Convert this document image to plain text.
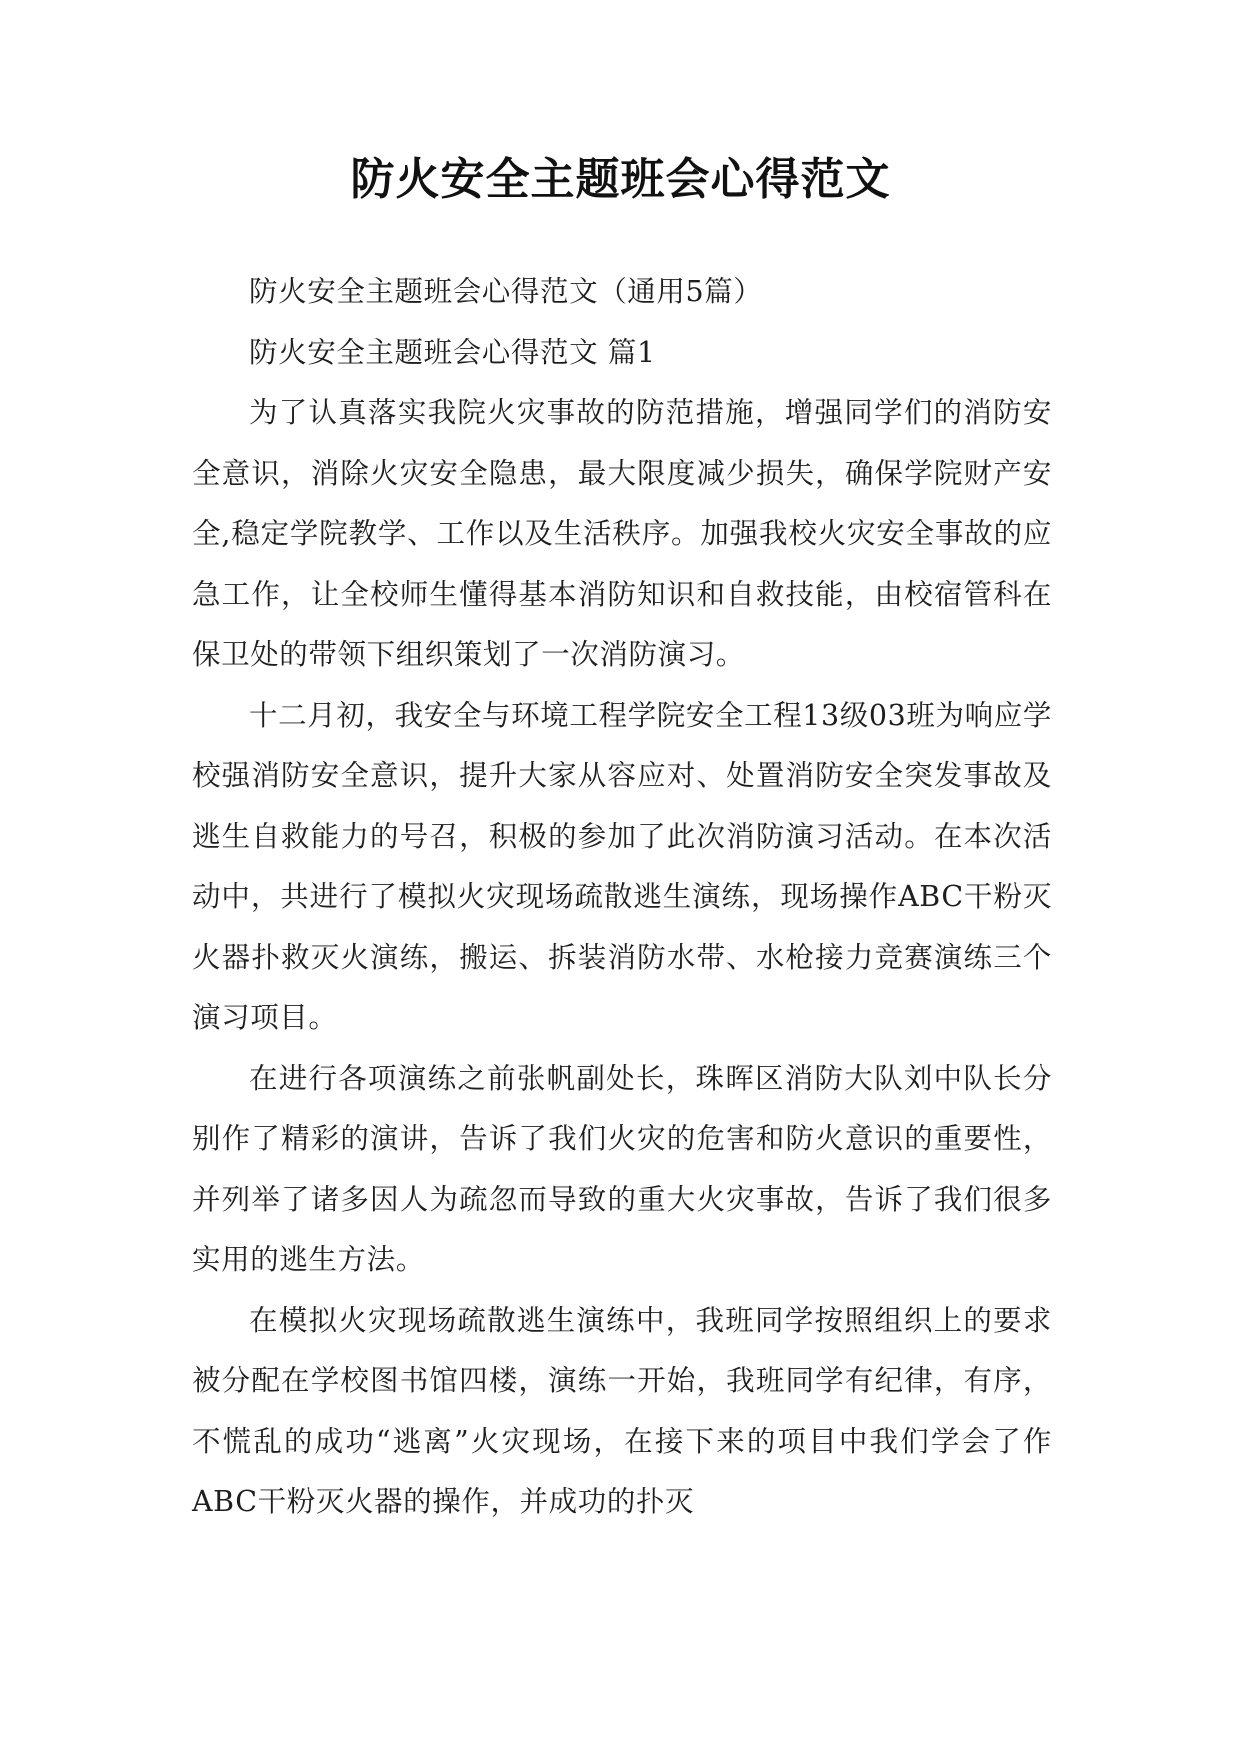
防火安全主题班会心得范文

防火安全主题班会心得范文（通用5篇）

防火安全主题班会心得范文 篇1

为了认真落实我院火灾事故的防范措施，增强同学们的消防安全意识，消除火灾安全隐患，最大限度减少损失，确保学院财产安全,稳定学院教学、工作以及生活秩序。加强我校火灾安全事故的应急工作，让全校师生懂得基本消防知识和自救技能，由校宿管科在保卫处的带领下组织策划了一次消防演习。

十二月初，我安全与环境工程学院安全工程13级03班为响应学校强消防安全意识，提升大家从容应对、处置消防安全突发事故及逃生自救能力的号召，积极的参加了此次消防演习活动。在本次活动中，共进行了模拟火灾现场疏散逃生演练，现场操作ABC干粉灭火器扑救灭火演练，搬运、拆装消防水带、水枪接力竞赛演练三个演习项目。

在进行各项演练之前张帆副处长，珠晖区消防大队刘中队长分别作了精彩的演讲，告诉了我们火灾的危害和防火意识的重要性，并列举了诸多因人为疏忽而导致的重大火灾事故，告诉了我们很多实用的逃生方法。

在模拟火灾现场疏散逃生演练中，我班同学按照组织上的要求被分配在学校图书馆四楼，演练一开始，我班同学有纪律，有序，不慌乱的成功“逃离”火灾现场，在接下来的项目中我们学会了作ABC干粉灭火器的操作，并成功的扑灭
